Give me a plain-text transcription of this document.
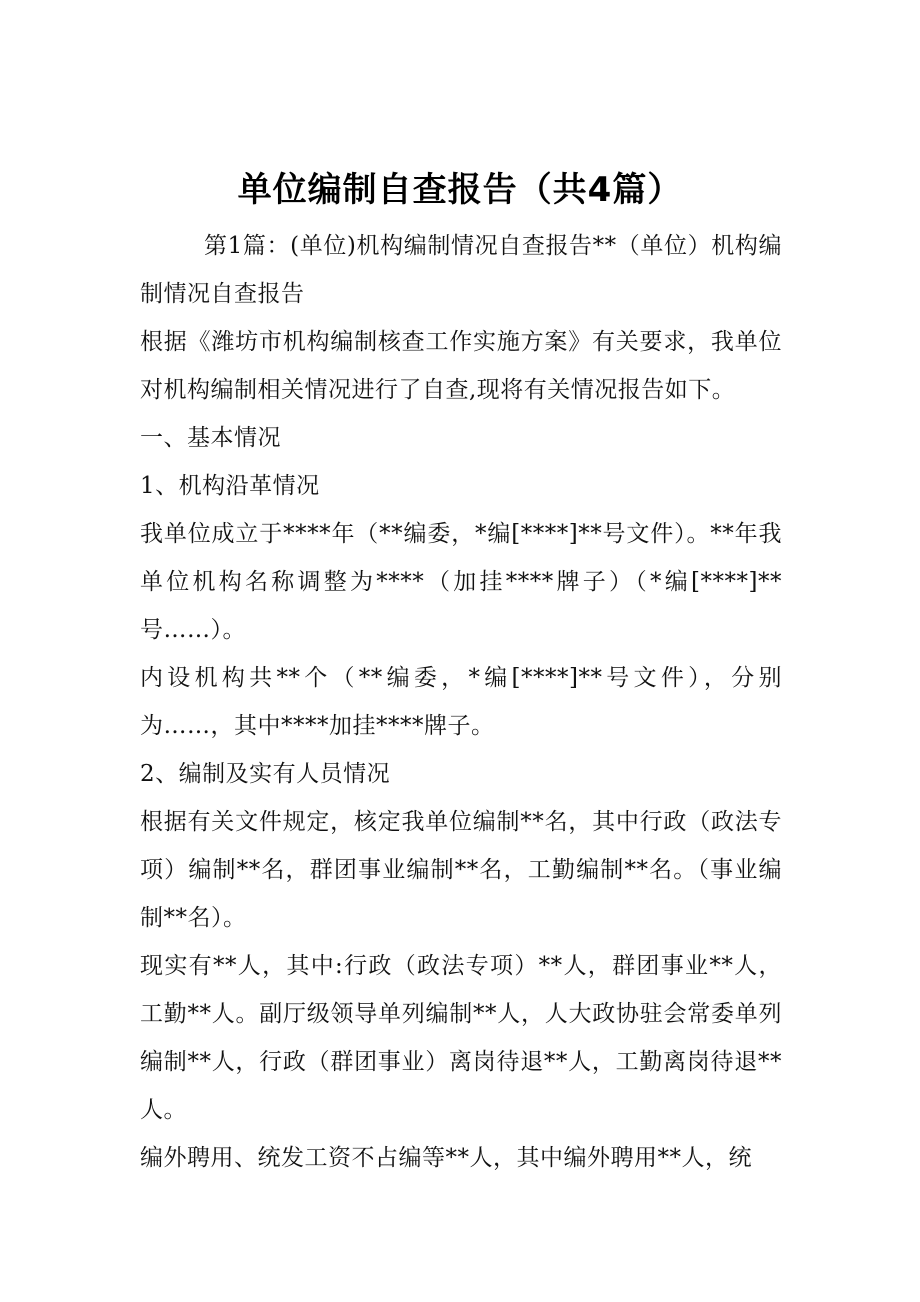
单位编制自查报告（共4篇）

第1篇：(单位)机构编制情况自查报告**（单位）机构编制情况自查报告

根据《潍坊市机构编制核查工作实施方案》有关要求，我单位对机构编制相关情况进行了自查,现将有关情况报告如下。

一、基本情况

1、机构沿革情况

我单位成立于****年（**编委，*编[****]**号文件）。**年我单位机构名称调整为****（加挂****牌子）（*编[****]**号……）。

内设机构共**个（**编委，*编[****]**号文件），分别为……，其中****加挂****牌子。

2、编制及实有人员情况

根据有关文件规定，核定我单位编制**名，其中行政（政法专项）编制**名，群团事业编制**名，工勤编制**名。（事业编制**名）。

现实有**人，其中:行政（政法专项）**人，群团事业**人，工勤**人。副厅级领导单列编制**人，人大政协驻会常委单列编制**人，行政（群团事业）离岗待退**人，工勤离岗待退**人。

编外聘用、统发工资不占编等**人，其中编外聘用**人，统
